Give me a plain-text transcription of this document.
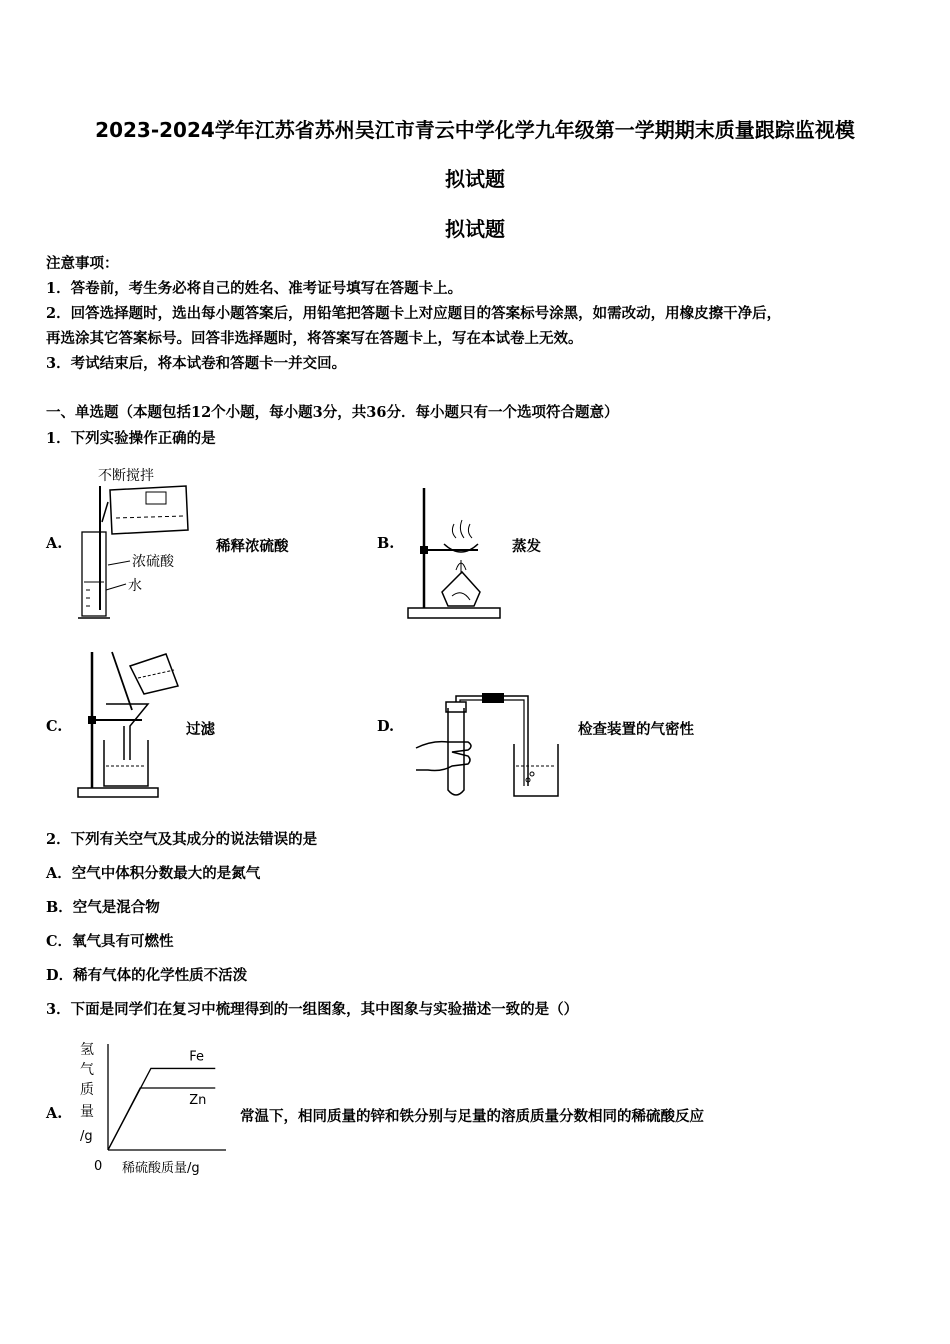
2023-2024学年江苏省苏州吴江市青云中学化学九年级第一学期期末质量跟踪监视模
拟试题
拟试题
注意事项：
1．答卷前，考生务必将自己的姓名、准考证号填写在答题卡上。
2．回答选择题时，选出每小题答案后，用铅笔把答题卡上对应题目的答案标号涂黑，如需改动，用橡皮擦干净后，
再选涂其它答案标号。回答非选择题时，将答案写在答题卡上，写在本试卷上无效。
3．考试结束后，将本试卷和答题卡一并交回。
一、单选题（本题包括12个小题，每小题3分，共36分．每小题只有一个选项符合题意）
1．下列实验操作正确的是
A.	稀释浓硫酸
不断搅拌
浓硫酸
水
B.	蒸发
C.	过滤	D.	检查装置的气密性
2．下列有关空气及其成分的说法错误的是
A．空气中体积分数最大的是氮气
B．空气是混合物
C．氧气具有可燃性
D．稀有气体的化学性质不活泼
3．下面是同学们在复习中梳理得到的一组图象，其中图象与实验描述一致的是（）
A.	常温下，相同质量的锌和铁分别与足量的溶质质量分数相同的稀硫酸反应
氢
气
质
量
/g
0 稀硫酸质量/g
Fe
Zn
